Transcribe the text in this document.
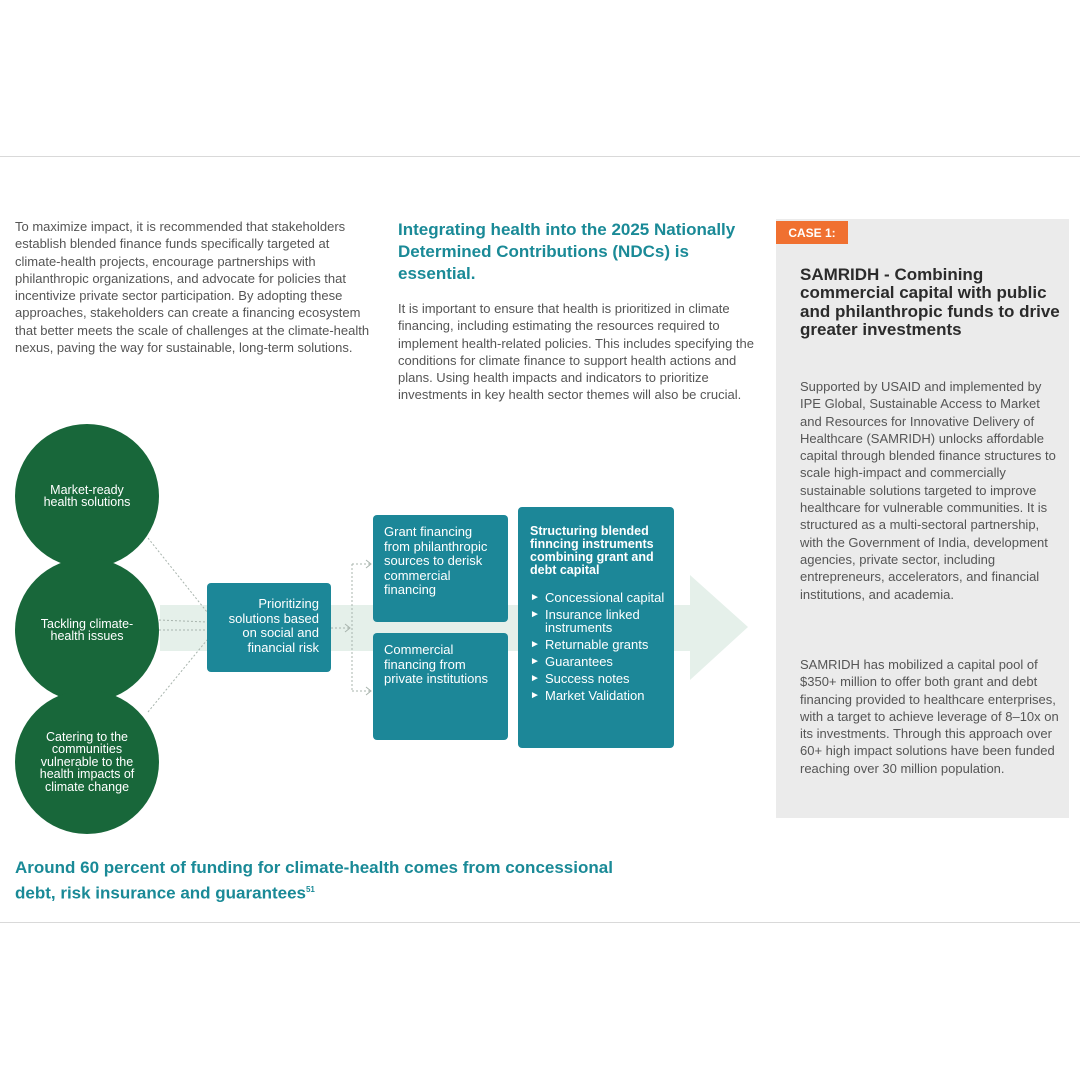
To maximize impact, it is recommended that stakeholders establish blended finance funds specifically targeted at climate-health projects, encourage partnerships with philanthropic organizations, and advocate for policies that incentivize private sector participation. By adopting these approaches, stakeholders can create a financing ecosystem that better meets the scale of challenges at the climate-health nexus, paving the way for sustainable, long-term solutions.

Integrating health into the 2025 Nationally Determined Contributions (NDCs) is essential.

It is important to ensure that health is prioritized in climate financing, including estimating the resources required to implement health-related policies. This includes specifying the conditions for climate finance to support health actions and plans. Using health impacts and indicators to prioritize investments in key health sector themes will also be crucial.

Market-ready health solutions
Tackling climate-health issues
Catering to the communities vulnerable to the health impacts of climate change
Prioritizing solutions based on social and financial risk
Grant financing from philanthropic sources to derisk commercial financing
Commercial financing from private institutions
Structuring blended finncing instruments combining grant and debt capital
► Concessional capital
► Insurance linked instruments
► Returnable grants
► Guarantees
► Success notes
► Market Validation

Around 60 percent of funding for climate-health comes from concessional debt, risk insurance and guarantees$^{51}$

CASE 1:
SAMRIDH - Combining commercial capital with public and philanthropic funds to drive greater investments

Supported by USAID and implemented by IPE Global, Sustainable Access to Market and Resources for Innovative Delivery of Healthcare (SAMRIDH) unlocks affordable capital through blended finance structures to scale high-impact and commercially sustainable solutions targeted to improve healthcare for vulnerable communities. It is structured as a multi-sectoral partnership, with the Government of India, development agencies, private sector, including entrepreneurs, accelerators, and financial institutions, and academia.

SAMRIDH has mobilized a capital pool of $350+ million to offer both grant and debt financing provided to healthcare enterprises, with a target to achieve leverage of 8–10x on its investments. Through this approach over 60+ high impact solutions have been funded reaching over 30 million population.
